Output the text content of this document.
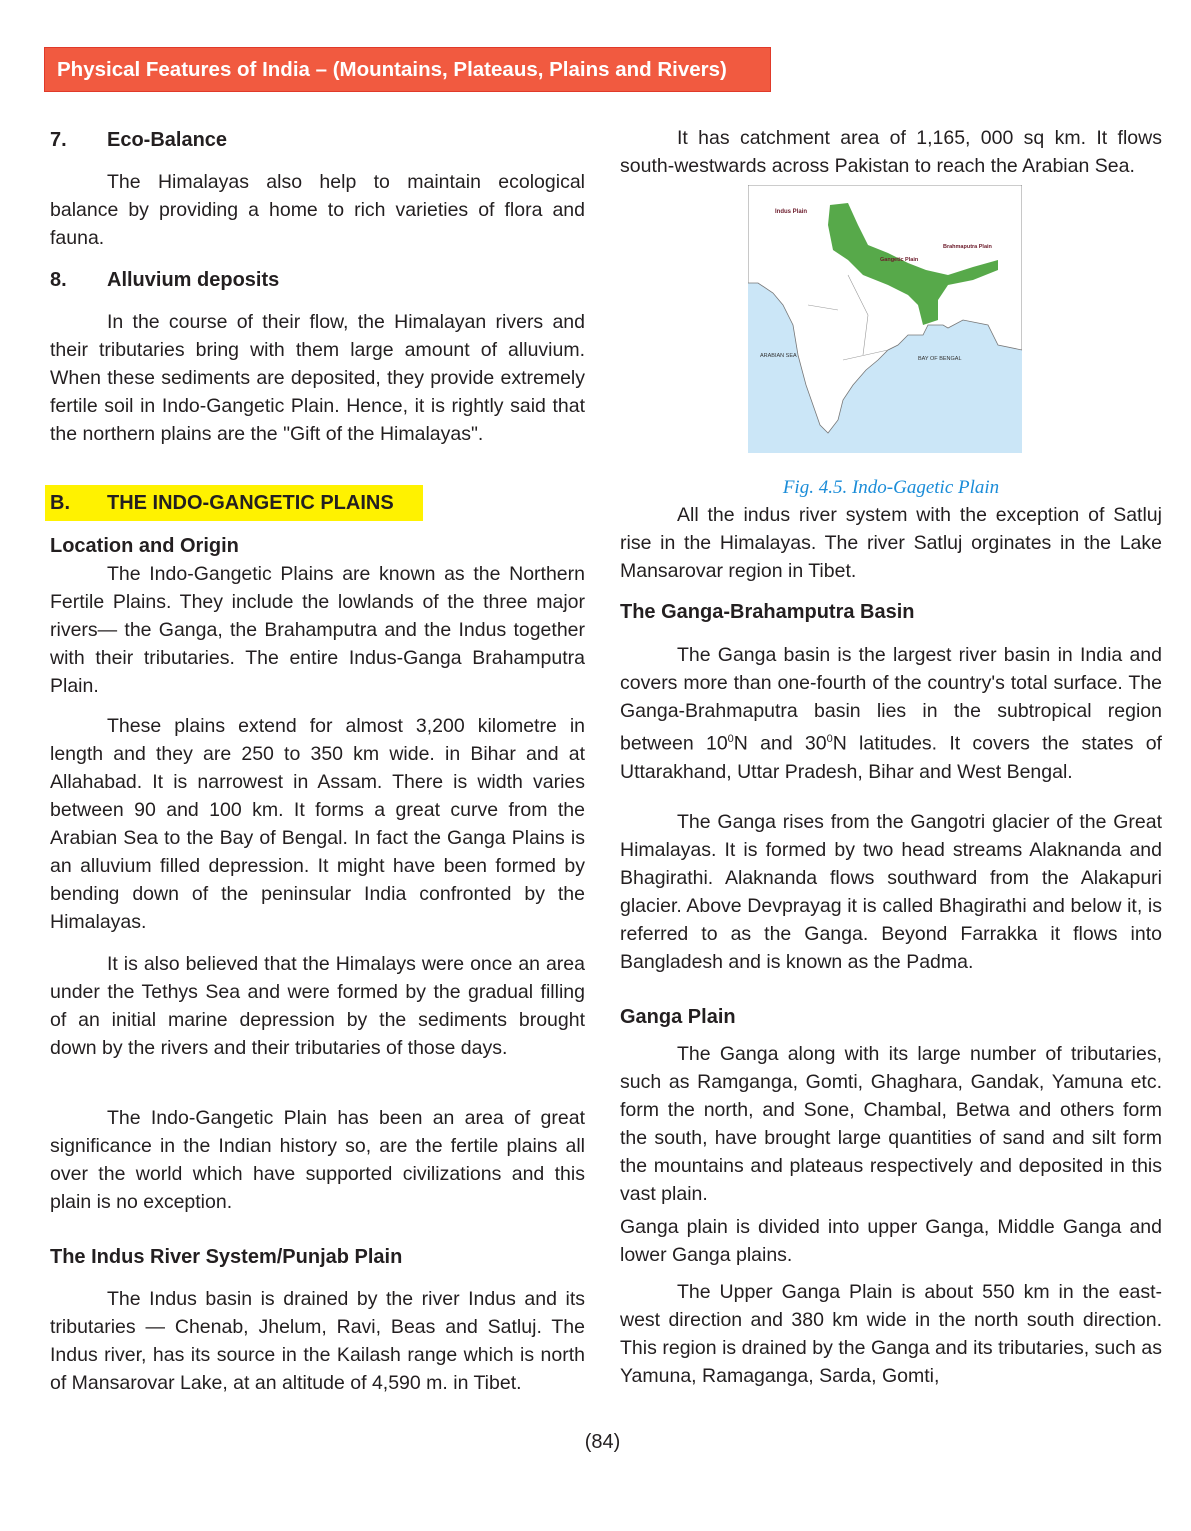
Physical Features of India – (Mountains, Plateaus, Plains and Rivers)
7. Eco-Balance
The Himalayas also help to maintain ecological balance by providing a home to rich varieties of flora and fauna.
8. Alluvium deposits
In the course of their flow, the Himalayan rivers and their tributaries bring with them large amount of alluvium. When these sediments are deposited, they provide extremely fertile soil in Indo-Gangetic Plain. Hence, it is rightly said that the northern plains are the "Gift of the Himalayas".
B. THE INDO-GANGETIC PLAINS
Location and Origin
The Indo-Gangetic Plains are known as the Northern Fertile Plains. They include the lowlands of the three major rivers— the Ganga, the Brahamputra and the Indus together with their tributaries. The entire Indus-Ganga Brahamputra Plain.
These plains extend for almost 3,200 kilometre in length and they are 250 to 350 km wide. in Bihar and at Allahabad. It is narrowest in Assam. There is width varies between 90 and 100 km. It forms a great curve from the Arabian Sea to the Bay of Bengal. In fact the Ganga Plains is an alluvium filled depression. It might have been formed by bending down of the peninsular India confronted by the Himalayas.
It is also believed that the Himalays were once an area under the Tethys Sea and were formed by the gradual filling of an initial marine depression by the sediments brought down by the rivers and their tributaries of those days.
The Indo-Gangetic Plain has been an area of great significance in the Indian history so, are the fertile plains all over the world which have supported civilizations and this plain is no exception.
The Indus River System/Punjab Plain
The Indus basin is drained by the river Indus and its tributaries — Chenab, Jhelum, Ravi, Beas and Satluj. The Indus river, has its source in the Kailash range which is north of Mansarovar Lake, at an altitude of 4,590 m. in Tibet.
It has catchment area of 1,165, 000 sq km. It flows south-westwards across Pakistan to reach the Arabian Sea.
Indus Plain
Gangetic Plain
Brahmaputra Plain
ARABIAN SEA	BAY OF BENGAL
Fig. 4.5. Indo-Gagetic Plain
All the indus river system with the exception of Satluj rise in the Himalayas. The river Satluj orginates in the Lake Mansarovar region in Tibet.
The Ganga-Brahamputra Basin
The Ganga basin is the largest river basin in India and covers more than one-fourth of the country's total surface. The Ganga-Brahmaputra basin lies in the subtropical region between $10^0N$ and $30^0N$ latitudes. It covers the states of Uttarakhand, Uttar Pradesh, Bihar and West Bengal.
The Ganga rises from the Gangotri glacier of the Great Himalayas. It is formed by two head streams Alaknanda and Bhagirathi. Alaknanda flows southward from the Alakapuri glacier. Above Devprayag it is called Bhagirathi and below it, is referred to as the Ganga. Beyond Farrakka it flows into Bangladesh and is known as the Padma.
Ganga Plain
The Ganga along with its large number of tributaries, such as Ramganga, Gomti, Ghaghara, Gandak, Yamuna etc. form the north, and Sone, Chambal, Betwa and others form the south, have brought large quantities of sand and silt form the mountains and plateaus respectively and deposited in this vast plain.
Ganga plain is divided into upper Ganga, Middle Ganga and lower Ganga plains.
The Upper Ganga Plain is about 550 km in the east-west direction and 380 km wide in the north south direction. This region is drained by the Ganga and its tributaries, such as Yamuna, Ramaganga, Sarda, Gomti,
(84)
